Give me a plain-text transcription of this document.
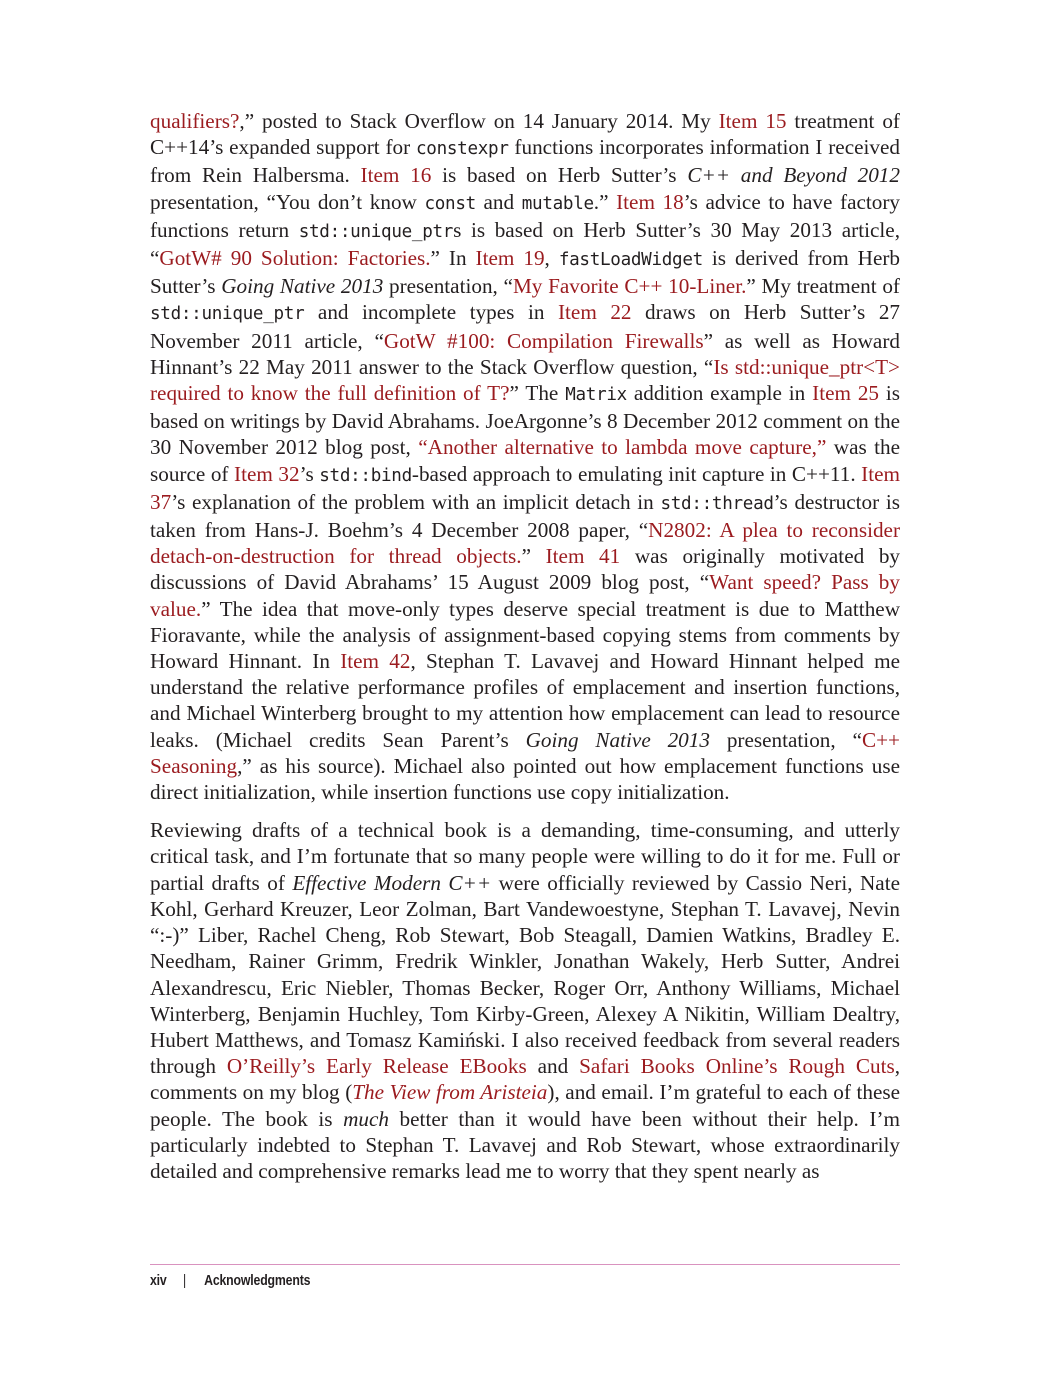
qualifiers?,” posted to Stack Overflow on 14 January 2014. My Item 15 treatment of C++14’s expanded support for constexpr functions incorporates information I received from Rein Halbersma. Item 16 is based on Herb Sutter’s C++ and Beyond 2012 presentation, “You don’t know const and mutable.” Item 18’s advice to have factory functions return std::unique_ptrs is based on Herb Sutter’s 30 May 2013 article, “GotW# 90 Solution: Factories.” In Item 19, fastLoadWidget is derived from Herb Sutter’s Going Native 2013 presentation, “My Favorite C++ 10-Liner.” My treatment of std::unique_ptr and incomplete types in Item 22 draws on Herb Sutter’s 27 November 2011 article, “GotW #100: Compilation Firewalls” as well as Howard Hinnant’s 22 May 2011 answer to the Stack Overflow question, “Is std::unique_ptr<T> required to know the full definition of T?” The Matrix addition example in Item 25 is based on writings by David Abrahams. JoeArgonne’s 8 December 2012 comment on the 30 November 2012 blog post, “Another alternative to lambda move capture,” was the source of Item 32’s std::bind-based approach to emulating init capture in C++11. Item 37’s explanation of the problem with an implicit detach in std::thread’s destructor is taken from Hans-J. Boehm’s 4 December 2008 paper, “N2802: A plea to reconsider detach-on-destruction for thread objects.” Item 41 was originally motivated by discussions of David Abrahams’ 15 August 2009 blog post, “Want speed? Pass by value.” The idea that move-only types deserve special treatment is due to Matthew Fioravante, while the analysis of assignment-based copying stems from comments by Howard Hinnant. In Item 42, Stephan T. Lavavej and Howard Hinnant helped me understand the relative performance profiles of emplacement and insertion functions, and Michael Winterberg brought to my attention how emplacement can lead to resource leaks. (Michael credits Sean Parent’s Going Native 2013 presentation, “C++ Seasoning,” as his source). Michael also pointed out how emplacement functions use direct initialization, while insertion functions use copy initialization.

Reviewing drafts of a technical book is a demanding, time-consuming, and utterly critical task, and I’m fortunate that so many people were willing to do it for me. Full or partial drafts of Effective Modern C++ were officially reviewed by Cassio Neri, Nate Kohl, Gerhard Kreuzer, Leor Zolman, Bart Vandewoestyne, Stephan T. Lavavej, Nevin “:-)” Liber, Rachel Cheng, Rob Stewart, Bob Steagall, Damien Watkins, Bradley E. Needham, Rainer Grimm, Fredrik Winkler, Jonathan Wakely, Herb Sutter, Andrei Alexandrescu, Eric Niebler, Thomas Becker, Roger Orr, Anthony Williams, Michael Winterberg, Benjamin Huchley, Tom Kirby-Green, Alexey A Nikitin, William Dealtry, Hubert Matthews, and Tomasz Kamiński. I also received feedback from several readers through O’Reilly’s Early Release EBooks and Safari Books Online’s Rough Cuts, comments on my blog (The View from Aristeia), and email. I’m grateful to each of these people. The book is much better than it would have been without their help. I’m particularly indebted to Stephan T. Lavavej and Rob Stewart, whose extraordinarily detailed and comprehensive remarks lead me to worry that they spent nearly as

xiv | Acknowledgments
